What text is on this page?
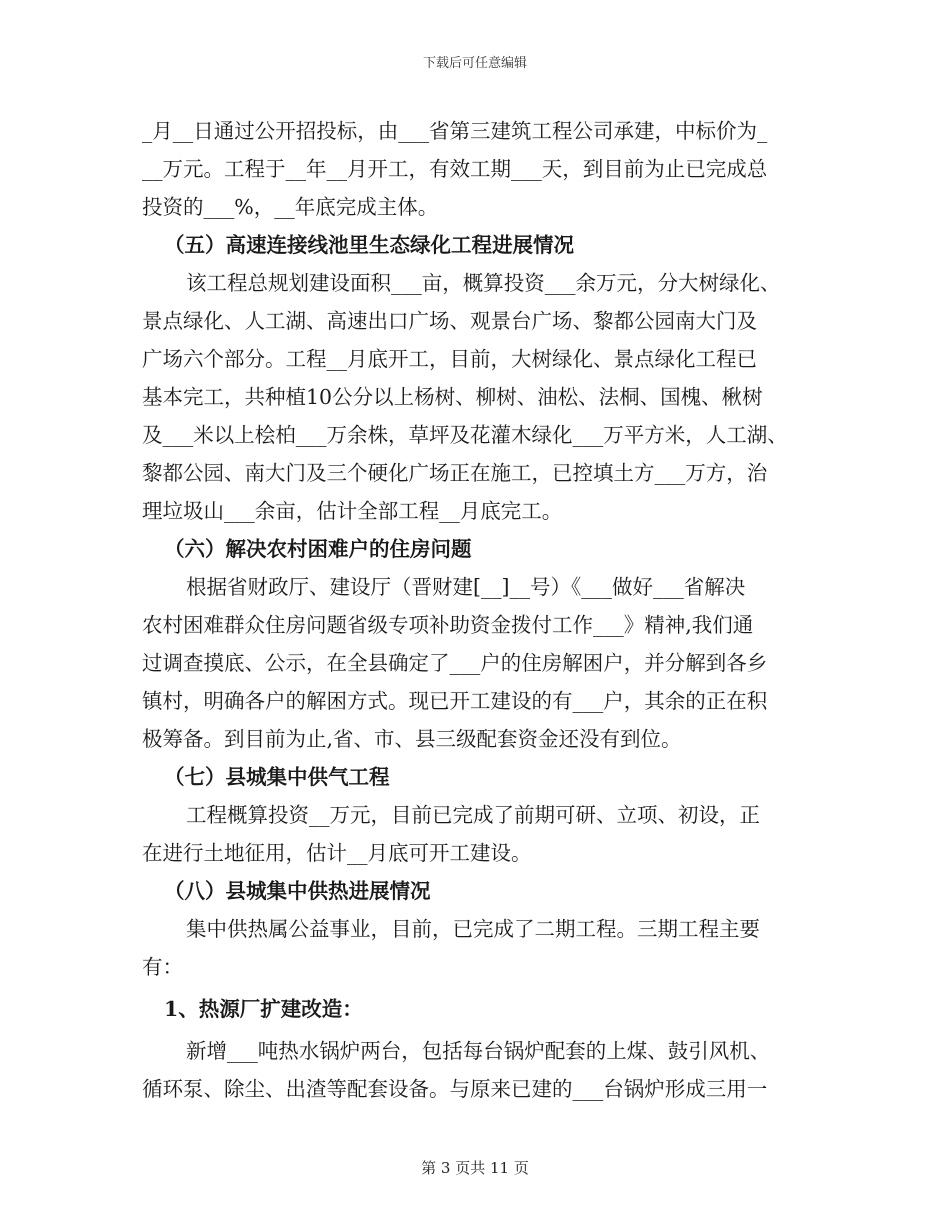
下载后可任意编辑
_月__日通过公开招投标，由___省第三建筑工程公司承建，中标价为_
__万元。工程于__年__月开工，有效工期___天，到目前为止已完成总
投资的___%，__年底完成主体。
（五）高速连接线池里生态绿化工程进展情况
该工程总规划建设面积___亩，概算投资___余万元，分大树绿化、
景点绿化、人工湖、高速出口广场、观景台广场、黎都公园南大门及
广场六个部分。工程__月底开工，目前，大树绿化、景点绿化工程已
基本完工，共种植10公分以上杨树、柳树、油松、法桐、国槐、楸树
及___米以上桧柏___万余株，草坪及花灌木绿化___万平方米，人工湖、
黎都公园、南大门及三个硬化广场正在施工，已控填土方___万方，治
理垃圾山___余亩，估计全部工程__月底完工。
（六）解决农村困难户的住房问题
根据省财政厅、建设厅（晋财建[__]__号）《___做好___省解决
农村困难群众住房问题省级专项补助资金拨付工作___》精神,我们通
过调查摸底、公示，在全县确定了___户的住房解困户，并分解到各乡
镇村，明确各户的解困方式。现已开工建设的有___户，其余的正在积
极筹备。到目前为止,省、市、县三级配套资金还没有到位。
（七）县城集中供气工程
工程概算投资__万元，目前已完成了前期可研、立项、初设，正
在进行土地征用，估计__月底可开工建设。
（八）县城集中供热进展情况
集中供热属公益事业，目前，已完成了二期工程。三期工程主要
有：
1、热源厂扩建改造：
新增___吨热水锅炉两台，包括每台锅炉配套的上煤、鼓引风机、
循环泵、除尘、出渣等配套设备。与原来已建的___台锅炉形成三用一
第 3 页共 11 页
